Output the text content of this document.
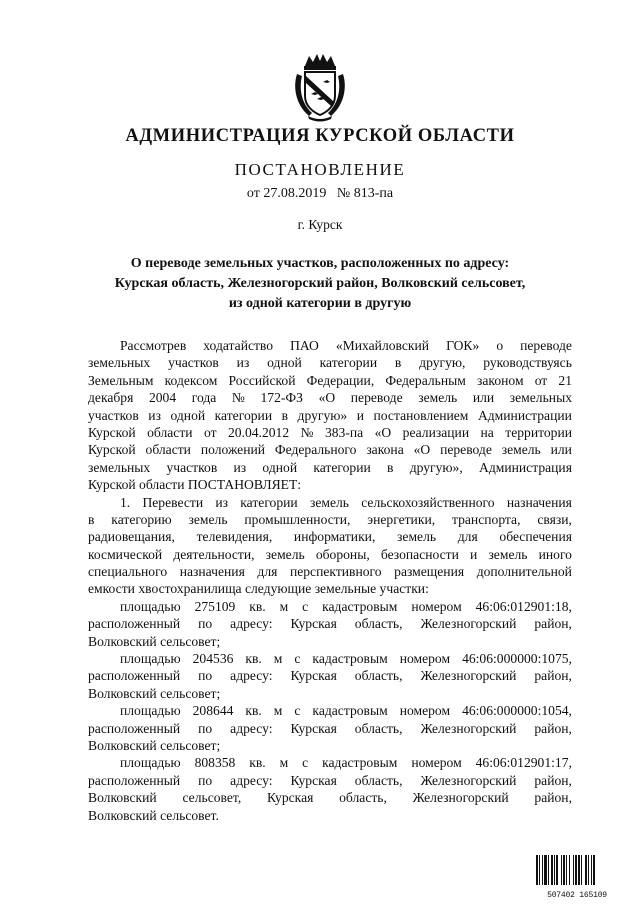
АДМИНИСТРАЦИЯ КУРСКОЙ ОБЛАСТИ
ПОСТАНОВЛЕНИЕ
от 27.08.2019 № 813-па
г. Курск
О переводе земельных участков, расположенных по адресу:
Курская область, Железногорский район, Волковский сельсовет,
из одной категории в другую
Рассмотрев ходатайство ПАО «Михайловский ГОК» о переводе
земельных участков из одной категории в другую, руководствуясь
Земельным кодексом Российской Федерации, Федеральным законом от 21
декабря 2004 года № 172-ФЗ «О переводе земель или земельных
участков из одной категории в другую» и постановлением Администрации
Курской области от 20.04.2012 № 383-па «О реализации на территории
Курской области положений Федерального закона «О переводе земель или
земельных участков из одной категории в другую», Администрация
Курской области ПОСТАНОВЛЯЕТ:
1. Перевести из категории земель сельскохозяйственного назначения
в категорию земель промышленности, энергетики, транспорта, связи,
радиовещания, телевидения, информатики, земель для обеспечения
космической деятельности, земель обороны, безопасности и земель иного
специального назначения для перспективного размещения дополнительной
емкости хвостохранилища следующие земельные участки:
площадью 275109 кв. м с кадастровым номером 46:06:012901:18,
расположенный по адресу: Курская область, Железногорский район,
Волковский сельсовет;
площадью 204536 кв. м с кадастровым номером 46:06:000000:1075,
расположенный по адресу: Курская область, Железногорский район,
Волковский сельсовет;
площадью 208644 кв. м с кадастровым номером 46:06:000000:1054,
расположенный по адресу: Курская область, Железногорский район,
Волковский сельсовет;
площадью 808358 кв. м с кадастровым номером 46:06:012901:17,
расположенный по адресу: Курская область, Железногорский район,
Волковский сельсовет, Курская область, Железногорский район,
Волковский сельсовет.
507402 165109
